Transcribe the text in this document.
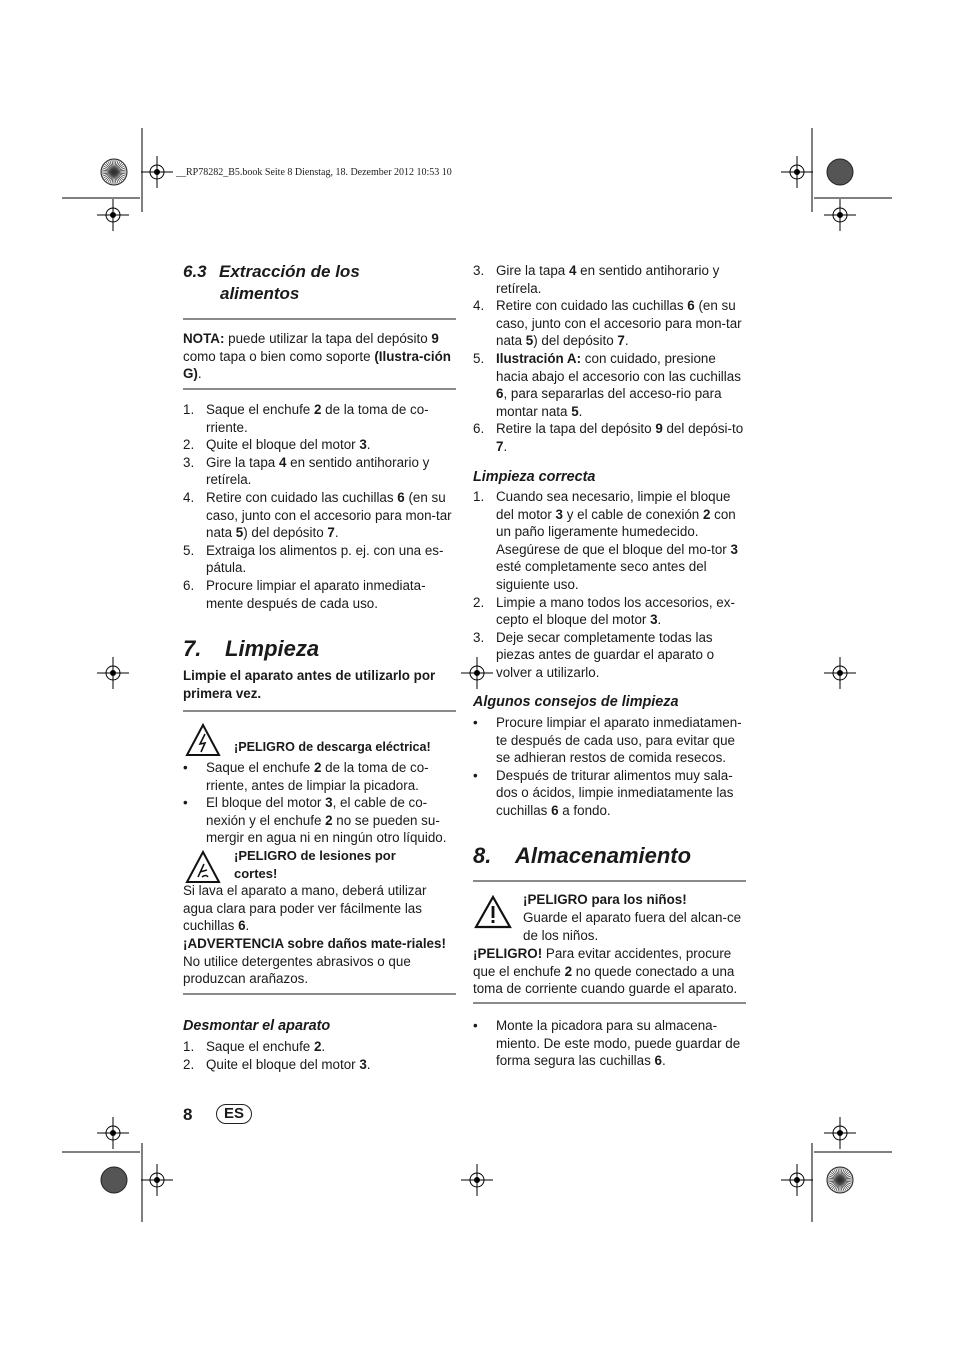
__RP78282_B5.book Seite 8 Dienstag, 18. Dezember 2012 10:53 10
6.3 Extracción de los
alimentos
NOTA: puede utilizar la tapa del depósito 9 como tapa o bien como soporte (Ilustra-ción G).
1. Saque el enchufe 2 de la toma de co-rriente.
2. Quite el bloque del motor 3.
3. Gire la tapa 4 en sentido antihorario y retírela.
4. Retire con cuidado las cuchillas 6 (en su caso, junto con el accesorio para mon-tar nata 5) del depósito 7.
5. Extraiga los alimentos p. ej. con una es-pátula.
6. Procure limpiar el aparato inmediata-mente después de cada uso.
7. Limpieza
Limpie el aparato antes de utilizarlo por primera vez.
¡PELIGRO de descarga eléctrica!
• Saque el enchufe 2 de la toma de co-rriente, antes de limpiar la picadora.
• El bloque del motor 3, el cable de co-nexión y el enchufe 2 no se pueden su-mergir en agua ni en ningún otro líquido.
¡PELIGRO de lesiones por cortes!
Si lava el aparato a mano, deberá utilizar agua clara para poder ver fácilmente las cuchillas 6.
¡ADVERTENCIA sobre daños mate-riales! No utilice detergentes abrasivos o que produzcan arañazos.
Desmontar el aparato
1. Saque el enchufe 2.
2. Quite el bloque del motor 3.
3. Gire la tapa 4 en sentido antihorario y retírela.
4. Retire con cuidado las cuchillas 6 (en su caso, junto con el accesorio para mon-tar nata 5) del depósito 7.
5. Ilustración A: con cuidado, presione hacia abajo el accesorio con las cuchillas 6, para separarlas del acceso-rio para montar nata 5.
6. Retire la tapa del depósito 9 del depósi-to 7.
Limpieza correcta
1. Cuando sea necesario, limpie el bloque del motor 3 y el cable de conexión 2 con un paño ligeramente humedecido. Asegúrese de que el bloque del mo-tor 3 esté completamente seco antes del siguiente uso.
2. Limpie a mano todos los accesorios, ex-cepto el bloque del motor 3.
3. Deje secar completamente todas las piezas antes de guardar el aparato o volver a utilizarlo.
Algunos consejos de limpieza
• Procure limpiar el aparato inmediatamen-te después de cada uso, para evitar que se adhieran restos de comida resecos.
• Después de triturar alimentos muy sala-dos o ácidos, limpie inmediatamente las cuchillas 6 a fondo.
8. Almacenamiento
¡PELIGRO para los niños!
Guarde el aparato fuera del alcan-ce de los niños.
¡PELIGRO! Para evitar accidentes, procure que el enchufe 2 no quede conectado a una toma de corriente cuando guarde el aparato.
• Monte la picadora para su almacena-miento. De este modo, puede guardar de forma segura las cuchillas 6.
8	ES
